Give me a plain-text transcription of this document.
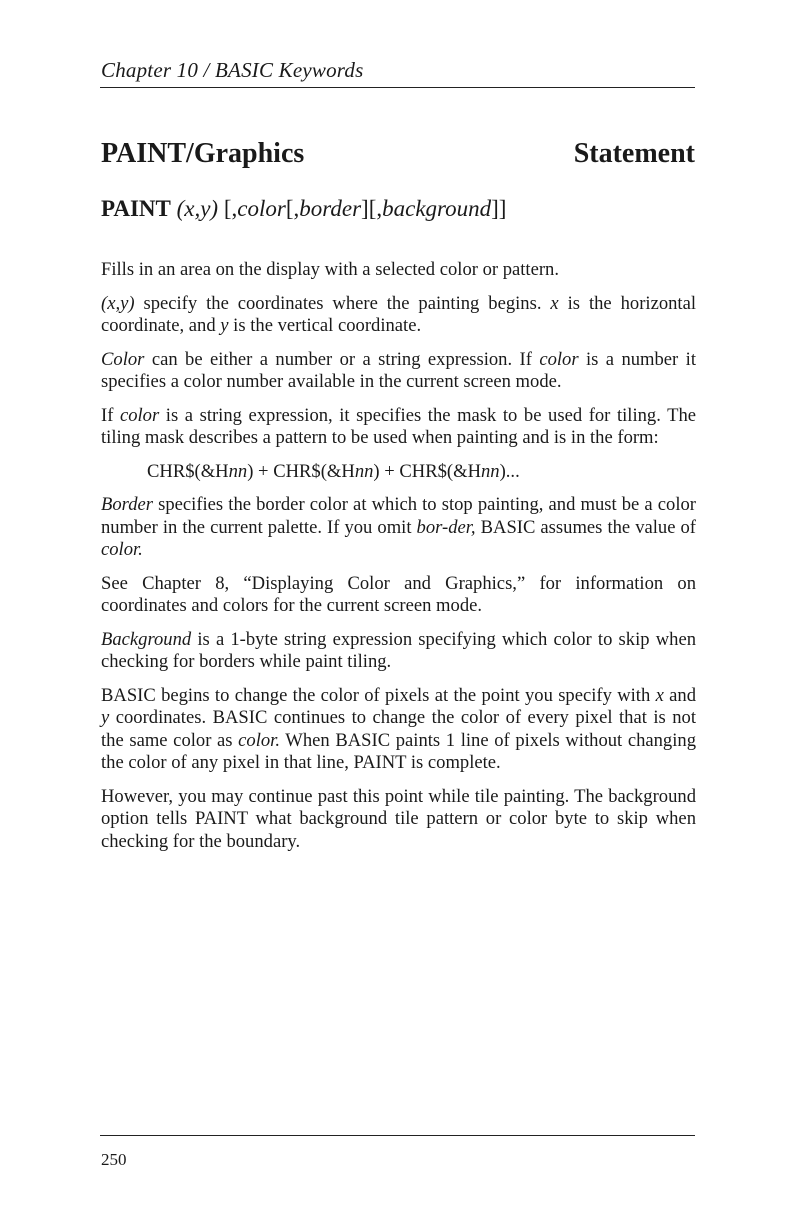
Chapter 10 / BASIC Keywords
PAINT/Graphics	Statement
PAINT (x,y) [,color[,border][,background]]

Fills in an area on the display with a selected color or pattern.

(x,y) specify the coordinates where the painting begins. x is the horizontal coordinate, and y is the vertical coordinate.

Color can be either a number or a string expression. If color is a number it specifies a color number available in the current screen mode.

If color is a string expression, it specifies the mask to be used for tiling. The tiling mask describes a pattern to be used when painting and is in the form:

CHR$(&Hnn) + CHR$(&Hnn) + CHR$(&Hnn)...

Border specifies the border color at which to stop painting, and must be a color number in the current palette. If you omit bor-der, BASIC assumes the value of color.

See Chapter 8, “Displaying Color and Graphics,” for information on coordinates and colors for the current screen mode.

Background is a 1-byte string expression specifying which color to skip when checking for borders while paint tiling.

BASIC begins to change the color of pixels at the point you specify with x and y coordinates. BASIC continues to change the color of every pixel that is not the same color as color. When BASIC paints 1 line of pixels without changing the color of any pixel in that line, PAINT is complete.

However, you may continue past this point while tile painting. The background option tells PAINT what background tile pattern or color byte to skip when checking for the boundary.

250
